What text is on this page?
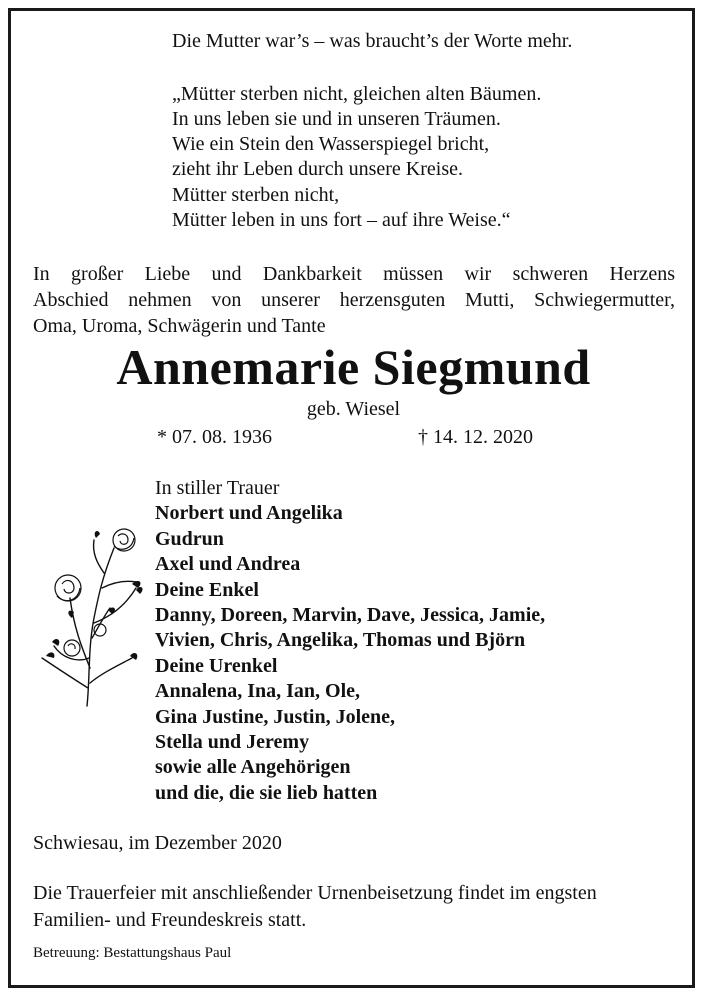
Die Mutter war’s – was braucht’s der Worte mehr.
„Mütter sterben nicht, gleichen alten Bäumen.
In uns leben sie und in unseren Träumen.
Wie ein Stein den Wasserspiegel bricht,
zieht ihr Leben durch unsere Kreise.
Mütter sterben nicht,
Mütter leben in uns fort – auf ihre Weise.“
In großer Liebe und Dankbarkeit müssen wir schweren Herzens
Abschied nehmen von unserer herzensguten Mutti, Schwiegermutter,
Oma, Uroma, Schwägerin und Tante
Annemarie Siegmund
geb. Wiesel
* 07. 08. 1936	† 14. 12. 2020
In stiller Trauer
Norbert und Angelika
Gudrun
Axel und Andrea
Deine Enkel
Danny, Doreen, Marvin, Dave, Jessica, Jamie,
Vivien, Chris, Angelika, Thomas und Björn
Deine Urenkel
Annalena, Ina, Ian, Ole,
Gina Justine, Justin, Jolene,
Stella und Jeremy
sowie alle Angehörigen
und die, die sie lieb hatten
Schwiesau, im Dezember 2020
Die Trauerfeier mit anschließender Urnenbeisetzung findet im engsten
Familien- und Freundeskreis statt.
Betreuung: Bestattungshaus Paul
